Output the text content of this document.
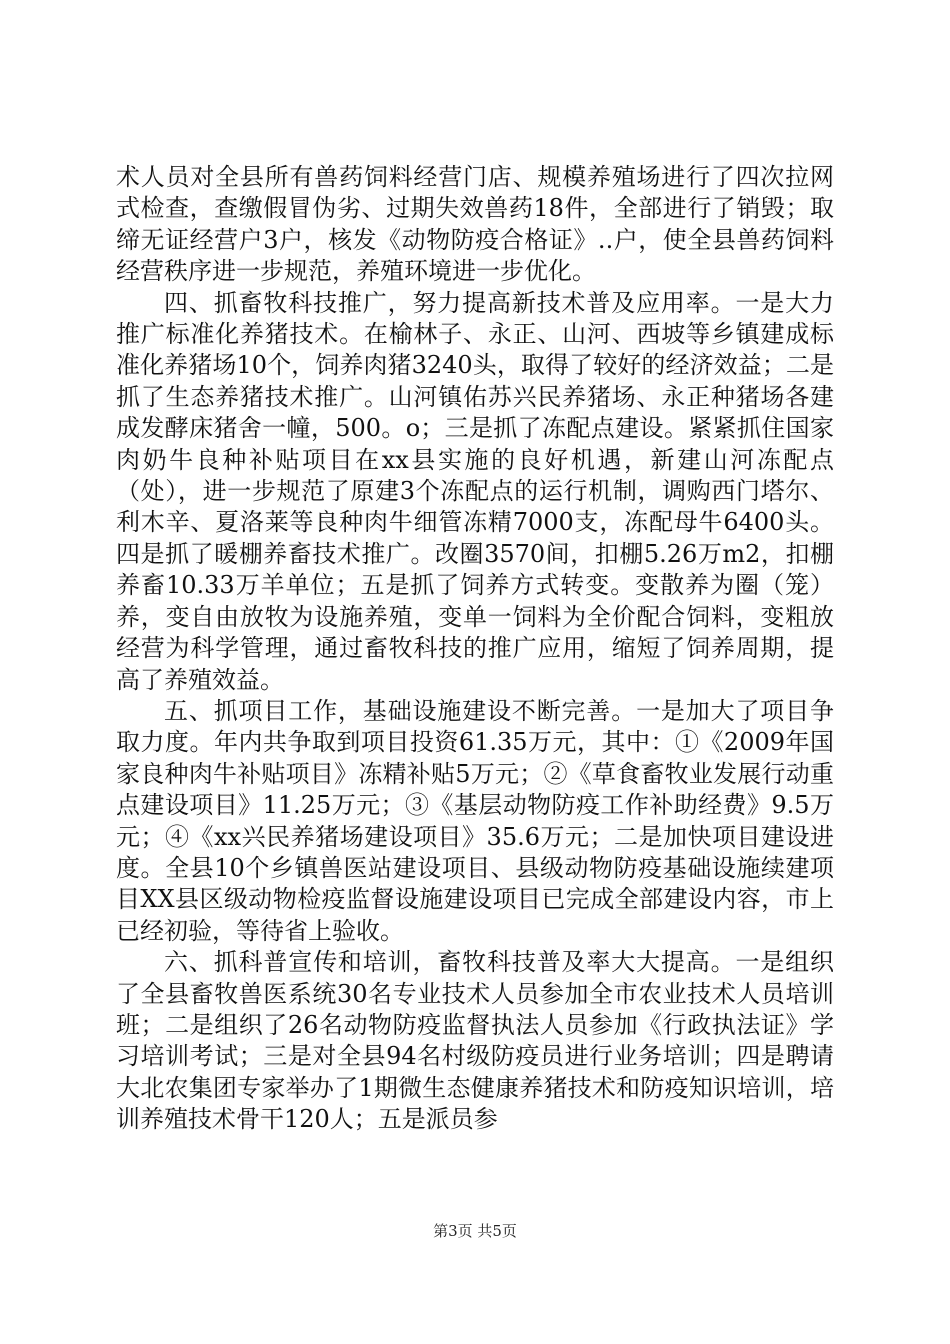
术人员对全县所有兽药饲料经营门店、规模养殖场进行了四次拉网式检查，查缴假冒伪劣、过期失效兽药18件，全部进行了销毁；取缔无证经营户3户，核发《动物防疫合格证》..户，使全县兽药饲料经营秩序进一步规范，养殖环境进一步优化。

四、抓畜牧科技推广，努力提高新技术普及应用率。一是大力推广标准化养猪技术。在榆林子、永正、山河、西坡等乡镇建成标准化养猪场10个，饲养肉猪3240头，取得了较好的经济效益；二是抓了生态养猪技术推广。山河镇佑苏兴民养猪场、永正种猪场各建成发酵床猪舍一幢，500。o；三是抓了冻配点建设。紧紧抓住国家肉奶牛良种补贴项目在xx县实施的良好机遇，新建山河冻配点（处），进一步规范了原建3个冻配点的运行机制，调购西门塔尔、利木辛、夏洛莱等良种肉牛细管冻精7000支，冻配母牛6400头。四是抓了暖棚养畜技术推广。改圈3570间，扣棚5.26万m2，扣棚养畜10.33万羊单位；五是抓了饲养方式转变。变散养为圈（笼）养，变自由放牧为设施养殖，变单一饲料为全价配合饲料，变粗放经营为科学管理，通过畜牧科技的推广应用，缩短了饲养周期，提高了养殖效益。

五、抓项目工作，基础设施建设不断完善。一是加大了项目争取力度。年内共争取到项目投资61.35万元，其中：①《2009年国家良种肉牛补贴项目》冻精补贴5万元；②《草食畜牧业发展行动重点建设项目》11.25万元；③《基层动物防疫工作补助经费》9.5万元；④《xx兴民养猪场建设项目》35.6万元；二是加快项目建设进度。全县10个乡镇兽医站建设项目、县级动物防疫基础设施续建项目XX县区级动物检疫监督设施建设项目已完成全部建设内容，市上已经初验，等待省上验收。

六、抓科普宣传和培训，畜牧科技普及率大大提高。一是组织了全县畜牧兽医系统30名专业技术人员参加全市农业技术人员培训班；二是组织了26名动物防疫监督执法人员参加《行政执法证》学习培训考试；三是对全县94名村级防疫员进行业务培训；四是聘请大北农集团专家举办了1期微生态健康养猪技术和防疫知识培训，培训养殖技术骨干120人；五是派员参

第3页 共5页
